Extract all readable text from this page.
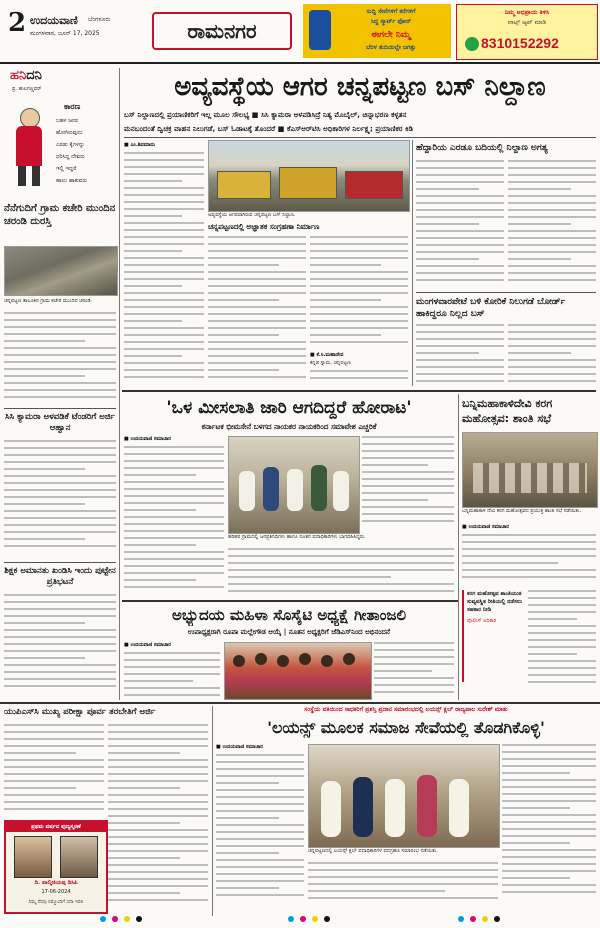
2 ಉದಯವಾಣಿ ಬೆಂಗಳೂರು
ಮಂಗಳವಾರ, ಜೂನ್ 17, 2025	ರಾಮನಗರ
ಸುದ್ದಿ ಸೇವೆಗಳಿಗೆ ಕರೆಗಳಿಗೆ
ಸಿದ್ಧ ಸ್ಮಾರ್ಟ್ ಫೋನ್
ಈಗಲೇ ನಿಮ್ಮ
ಬೆರಳ ತುದಿಯಲ್ಲೇ ಜಗತ್ತು
ನಿಮ್ಮ ಅಭಿಪ್ರಾಯ ತಿಳಿಸಿ
ವಾಟ್ಸ್ ಆ್ಯಪ್ ಮಾಡಿ
8310152292
ಹನಿದನಿ
ಪ್ರ. ಹುಲಗಣ್ಣವರ್
ಕಾರಣ
ಬಹಳ ಜನರ
ಹೋಗಿರುವುದು
ಎರಡು ಕೈಗಳನ್ನು
ಧರಿಸಿದ್ದ ದೇವರು
ಇಲ್ಲಿ ಇದ್ದರೆ
ಹಾಲು ಹಾಕುವರು
ನೆನೆಗುದಿಗೆ ಗ್ರಾಮ ಕಚೇರಿ ಮುಂದಿನ ಚರಂಡಿ ದುರಸ್ತಿ
ಚನ್ನಪಟ್ಟಣ ತಾಲೂಕಿನ ಗ್ರಾಮ ಕಚೇರಿ ಮುಂದಿನ ಚರಂಡಿ.
ಸಿಸಿ ಕ್ಯಾಮರಾ ಅಳವಡಿಕೆ ಟೆಂಡರಿಗೆ ಅರ್ಜಿ ಆಹ್ವಾನ
ಶಿಕ್ಷಕ ಅಮಾನತು ಖಂಡಿಸಿ ಇಂದು ಪುಟ್ಟೇನ ಪ್ರತಿಭಟನೆ
ಅವ್ಯವಸ್ಥೆಯ ಆಗರ ಚನ್ನಪಟ್ಟಣ ಬಸ್ ನಿಲ್ದಾಣ
ಬಸ್ ನಿಲ್ದಾಣದಲ್ಲಿ ಪ್ರಯಾಣಿಕರಿಗೆ ಇಲ್ಲ ಮೂಲ ಸೌಲಭ್ಯ ■ ಸಿಸಿ ಕ್ಯಾಮರಾ ಅಳವಡಿಸಿದ್ರೆ ನಿತ್ಯ ಮೊಬೈಲ್, ಚಿನ್ನಾಭರಣ ಕಳ್ಳತನ
ಮನಬಂದಂತೆ ದ್ವಿಚಕ್ರ ವಾಹನ ನಿಲುಗಡೆ, ಬಸ್ ಓಡಾಟಕ್ಕೆ ತೊಂದರೆ ■ ಕೆಎಸ್ಆರ್‌ಟಿಸಿ ಅಧಿಕಾರಿಗಳ ನಿರ್ಲಕ್ಷ್ಯ; ಪ್ರಯಾಣಿಕರ ಕಿಡಿ
■ ಎಂ.ಶಿವಮಾದು
ಅವ್ಯವಸ್ಥೆಯ ಆಗರವಾಗಿರುವ ಚನ್ನಪಟ್ಟಣ ಬಸ್ ನಿಲ್ದಾಣ.
ಚನ್ನಪಟ್ಟಣದಲ್ಲಿ ಅಜ್ಞಾತಕ ಸಂಗ್ರಹಣಾ ನಿರ್ಮಾಣ
■ ಕೆ.ಸಿ.ಮಹಾದೇವ
ಕನ್ನಡ ಸ್ನಾಮ, ಚನ್ನಪಟ್ಟಣ
ಹೆದ್ದಾರಿಯ ಎರಡೂ ಬದಿಯಲ್ಲಿ ನಿಲ್ದಾಣ ಅಗತ್ಯ
ಮಂಗಳವಾರಪೇಟೆ ಬಳಿ ಕೋರಿಕೆ ನಿಲುಗಡೆ ಬೋರ್ಡ್ ಹಾಕಿದ್ದರೂ ನಿಲ್ಲದ ಬಸ್
'ಒಳ ಮೀಸಲಾತಿ ಜಾರಿ ಆಗದಿದ್ದರೆ ಹೋರಾಟ'
ಕರ್ನಾಟಕ ಭೀಮಸೇನೆ ಬಳಗದ ನಾಯಕರ ನಾಯಕರಿಂದ ಸಮಾವೇಶ ಎಚ್ಚರಿಕೆ
■ ಉದಯವಾಣಿ ಸಮಾಚಾರ
ಹರಿಹರ ಗ್ರಾಮದಲ್ಲಿ ಜನಪ್ರತಿನಿಧಿಗಳು ಹಾಗೂ ನೂತನ ಪದಾಧಿಕಾರಿಗಳು ಭಾಗವಹಿಸಿದ್ದರು.
ಬನ್ನಿಮಹಾಕಾಳಿದೇವಿ ಕರಗ ಮಹೋತ್ಸವ: ಶಾಂತಿ ಸಭೆ
ಬನ್ನಿಮಹಾಕಾಳಿ ದೇವಿ ಕರಗ ಮಹೋತ್ಸವದ ಪ್ರಯುಕ್ತ ಶಾಂತಿ ಸಭೆ ನಡೆಯಿತು.
■ ಉದಯವಾಣಿ ಸಮಾಚಾರ
ಕರಗ ಮಹೋತ್ಸವ ಶಾಂತಿಯುತ ಸುವ್ಯವಸ್ಥಿತ ರೀತಿಯಲ್ಲಿ ನಡೆಸಲು ಸಹಕಾರ ನೀಡಿ
ಪೊಲೀಸ್ ಅಧಿಕಾರಿ
ಅಭ್ಯುದಯ ಮಹಿಳಾ ಸೊಸೈಟಿ ಅಧ್ಯಕ್ಷೆ ಗೀತಾಂಜಲಿ
ಉಪಾಧ್ಯಕ್ಷರಾಗಿ ರೂಪಾ ಮಲ್ಲೇಗೌಡ ಆಯ್ಕೆ | ನೂತನ ಅಧ್ಯಕ್ಷರಿಗೆ ಜೆಡಿಎಸ್‌ನಿಂದ ಅಭಿನಂದನೆ
■ ಉದಯವಾಣಿ ಸಮಾಚಾರ
ಯುಪಿಎಸ್‌ಸಿ ಮುಖ್ಯ ಪರೀಕ್ಷಾ ಪೂರ್ವ ತರಬೇತಿಗೆ ಅರ್ಜಿ
ಪ್ರಥಮ ವರ್ಷದ ಪುಣ್ಯಸ್ಮರಣೆ
ದಿ. ವಾಲ್ಮೀಕಿಯಪ್ಪ ಡಿಸಿಪಿ
17-06-2024
ನಿಮ್ಮ ನೆನಪು ನಮ್ಮೊಂದಿಗೆ ಸದಾ ಇರಲಿ
ಸಂಸ್ಥೆಯ ವತಿಯಿಂದ ಸಾಧಕರಿಗೆ ಪ್ರಶಸ್ತಿ ಪ್ರದಾನ ಸಮಾರಂಭದಲ್ಲಿ ಲಯನ್ಸ್ ಕ್ಲಬ್ ರಾಜ್ಯಪಾಲ ಸುರೇಶ್ ಮಾತು
'ಲಯನ್ಸ್ ಮೂಲಕ ಸಮಾಜ ಸೇವೆಯಲ್ಲಿ ತೊಡಗಿಕೊಳ್ಳಿ'
■ ಉದಯವಾಣಿ ಸಮಾಚಾರ
ಚನ್ನಪಟ್ಟಣದಲ್ಲಿ ಲಯನ್ಸ್ ಕ್ಲಬ್ ಪದಾಧಿಕಾರಿಗಳ ಪದಗ್ರಹಣ ಸಮಾರಂಭ ನಡೆಯಿತು.
